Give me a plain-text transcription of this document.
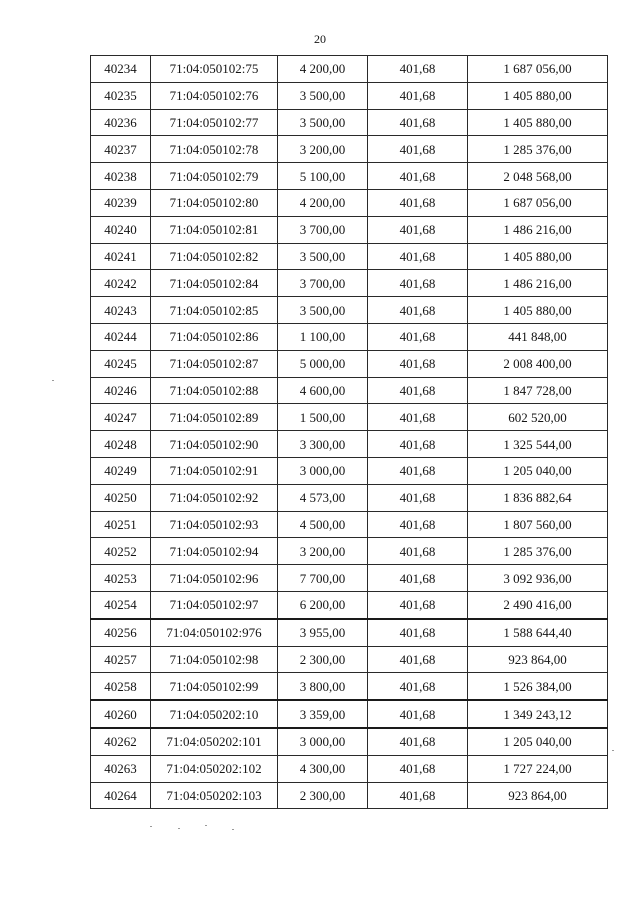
20
40234	71:04:050102:75	4 200,00	401,68	1 687 056,00
40235	71:04:050102:76	3 500,00	401,68	1 405 880,00
40236	71:04:050102:77	3 500,00	401,68	1 405 880,00
40237	71:04:050102:78	3 200,00	401,68	1 285 376,00
40238	71:04:050102:79	5 100,00	401,68	2 048 568,00
40239	71:04:050102:80	4 200,00	401,68	1 687 056,00
40240	71:04:050102:81	3 700,00	401,68	1 486 216,00
40241	71:04:050102:82	3 500,00	401,68	1 405 880,00
40242	71:04:050102:84	3 700,00	401,68	1 486 216,00
40243	71:04:050102:85	3 500,00	401,68	1 405 880,00
40244	71:04:050102:86	1 100,00	401,68	441 848,00
40245	71:04:050102:87	5 000,00	401,68	2 008 400,00
40246	71:04:050102:88	4 600,00	401,68	1 847 728,00
40247	71:04:050102:89	1 500,00	401,68	602 520,00
40248	71:04:050102:90	3 300,00	401,68	1 325 544,00
40249	71:04:050102:91	3 000,00	401,68	1 205 040,00
40250	71:04:050102:92	4 573,00	401,68	1 836 882,64
40251	71:04:050102:93	4 500,00	401,68	1 807 560,00
40252	71:04:050102:94	3 200,00	401,68	1 285 376,00
40253	71:04:050102:96	7 700,00	401,68	3 092 936,00
40254	71:04:050102:97	6 200,00	401,68	2 490 416,00
40256	71:04:050102:976	3 955,00	401,68	1 588 644,40
40257	71:04:050102:98	2 300,00	401,68	923 864,00
40258	71:04:050102:99	3 800,00	401,68	1 526 384,00
40260	71:04:050202:10	3 359,00	401,68	1 349 243,12
40262	71:04:050202:101	3 000,00	401,68	1 205 040,00
40263	71:04:050202:102	4 300,00	401,68	1 727 224,00
40264	71:04:050202:103	2 300,00	401,68	923 864,00
